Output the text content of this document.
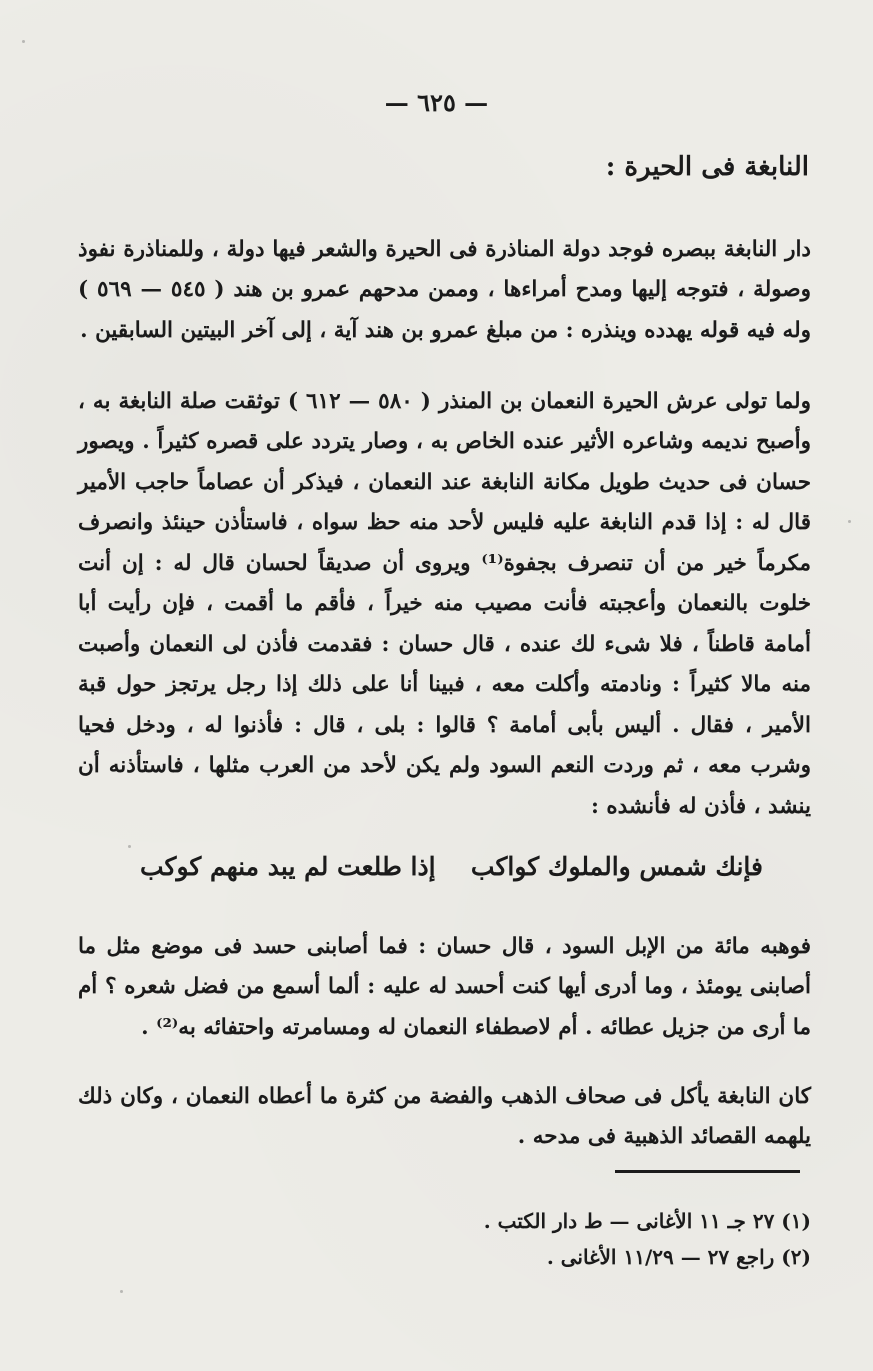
— ٦٢٥ —
النابغة فى الحيرة :

دار النابغة ببصره فوجد دولة المناذرة فى الحيرة والشعر فيها دولة ، وللمناذرة نفوذ وصولة ، فتوجه إليها ومدح أمراءها ، وممن مدحهم عمرو بن هند ( ٥٤٥ — ٥٦٩ ) وله فيه قوله يهدده وينذره : من مبلغ عمرو بن هند آية ، إلى آخر البيتين السابقين .

ولما تولى عرش الحيرة النعمان بن المنذر ( ٥٨٠ — ٦١٢ ) توثقت صلة النابغة به ، وأصبح نديمه وشاعره الأثير عنده الخاص به ، وصار يتردد على قصره كثيراً . ويصور حسان فى حديث طويل مكانة النابغة عند النعمان ، فيذكر أن عصاماً حاجب الأمير قال له : إذا قدم النابغة عليه فليس لأحد منه حظ سواه ، فاستأذن حينئذ وانصرف مكرماً خير من أن تنصرف بجفوة⁽¹⁾ ويروى أن صديقاً لحسان قال له : إن أنت خلوت بالنعمان وأعجبته فأنت مصيب منه خيراً ، فأقم ما أقمت ، فإن رأيت أبا أمامة قاطناً ، فلا شىء لك عنده ، قال حسان : فقدمت فأذن لى النعمان وأصبت منه مالا كثيراً : ونادمته وأكلت معه ، فبينا أنا على ذلك إذا رجل يرتجز حول قبة الأمير ، فقال . أليس بأبى أمامة ؟ قالوا : بلى ، قال : فأذنوا له ، ودخل فحيا وشرب معه ، ثم وردت النعم السود ولم يكن لأحد من العرب مثلها ، فاستأذنه أن ينشد ، فأذن له فأنشده :

فإنك شمس والملوك كواكب
إذا طلعت لم يبد منهم كوكب

فوهبه مائة من الإبل السود ، قال حسان : فما أصابنى حسد فى موضع مثل ما أصابنى يومئذ ، وما أدرى أيها كنت أحسد له عليه : ألما أسمع من فضل شعره ؟ أم ما أرى من جزيل عطائه . أم لاصطفاء النعمان له ومسامرته واحتفائه به⁽²⁾ .

كان النابغة يأكل فى صحاف الذهب والفضة من كثرة ما أعطاه النعمان ، وكان ذلك يلهمه القصائد الذهبية فى مدحه .

(١) ٢٧ جـ ١١ الأغانى — ط دار الكتب .
(٢) راجع ٢٧ — ١١/٢٩ الأغانى .
